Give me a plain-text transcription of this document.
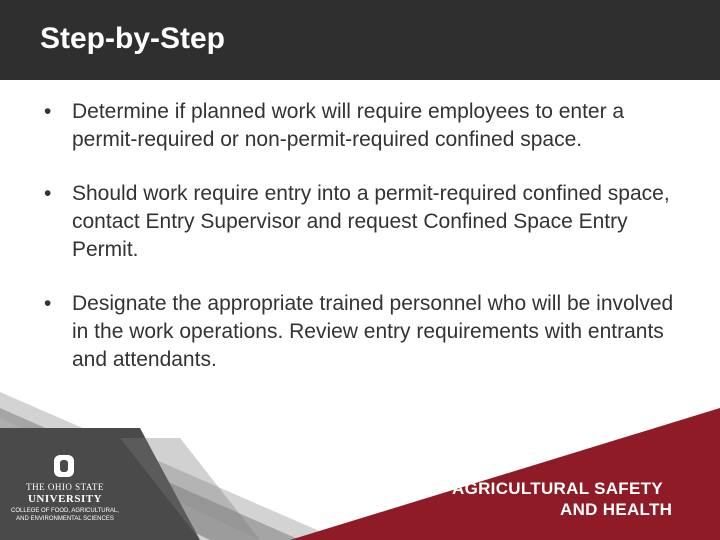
Step-by-Step
• Determine if planned work will require employees to enter a permit-required or non-permit-required confined space.
• Should work require entry into a permit-required confined space, contact Entry Supervisor and request Confined Space Entry Permit.
• Designate the appropriate trained personnel who will be involved in the work operations. Review entry requirements with entrants and attendants.
THE OHIO STATE
UNIVERSITY
COLLEGE OF FOOD, AGRICULTURAL,
AND ENVIRONMENTAL SCIENCES
AGRICULTURAL SAFETY
AND HEALTH
